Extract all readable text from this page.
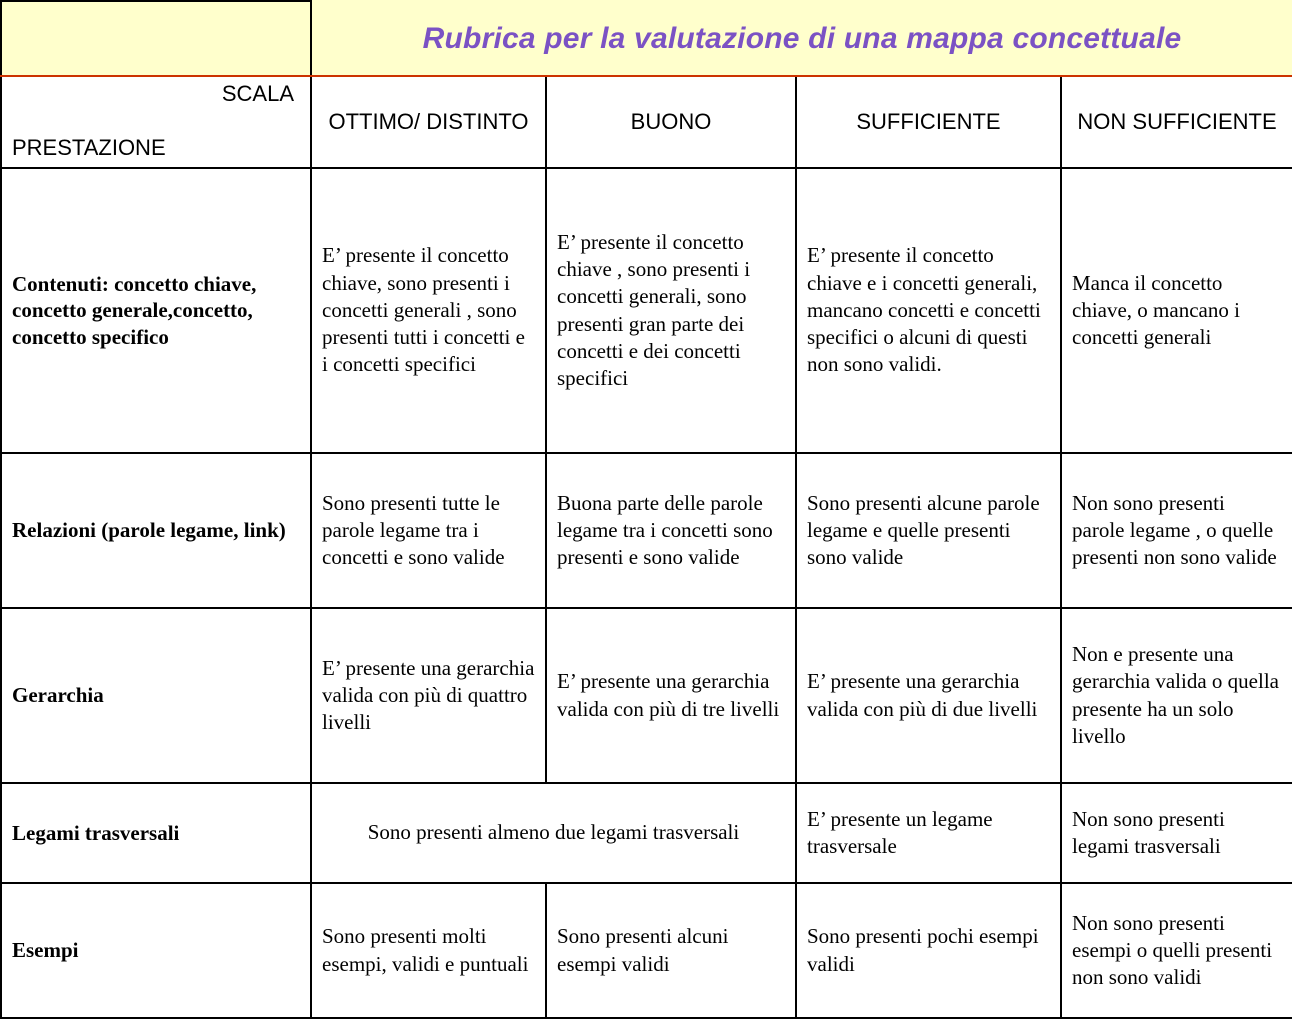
	Rubrica per la valutazione di una mappa concettuale			

SCALA
PRESTAZIONE	OTTIMO/ DISTINTO	BUONO	SUFFICIENTE	NON SUFFICIENTE
Contenuti: concetto chiave, concetto generale,concetto, concetto specifico	E’ presente il concetto chiave, sono presenti i concetti generali , sono presenti tutti i concetti e i concetti specifici	E’ presente il concetto chiave , sono presenti i concetti generali, sono presenti gran parte dei concetti e dei concetti specifici	E’ presente il concetto chiave e i concetti generali, mancano concetti e concetti specifici o alcuni di questi non sono validi.	Manca il concetto chiave, o mancano i concetti generali
Relazioni (parole legame, link)	Sono presenti tutte le parole legame tra i concetti e sono valide	Buona parte delle parole legame tra i concetti sono presenti e sono valide	Sono presenti alcune parole legame e quelle presenti sono valide	Non sono presenti parole legame , o quelle presenti non sono valide
Gerarchia	E’ presente una gerarchia valida con più di quattro livelli	E’ presente una gerarchia valida con più di tre livelli	E’ presente una gerarchia valida con più di due livelli	Non e presente una gerarchia valida o quella presente ha un solo livello
Legami trasversali	Sono presenti almeno due legami trasversali		E’ presente un legame trasversale	Non sono presenti legami trasversali
Esempi	Sono presenti molti esempi, validi e puntuali	Sono presenti alcuni esempi validi	Sono presenti pochi esempi validi	Non sono presenti esempi o quelli presenti non sono validi
